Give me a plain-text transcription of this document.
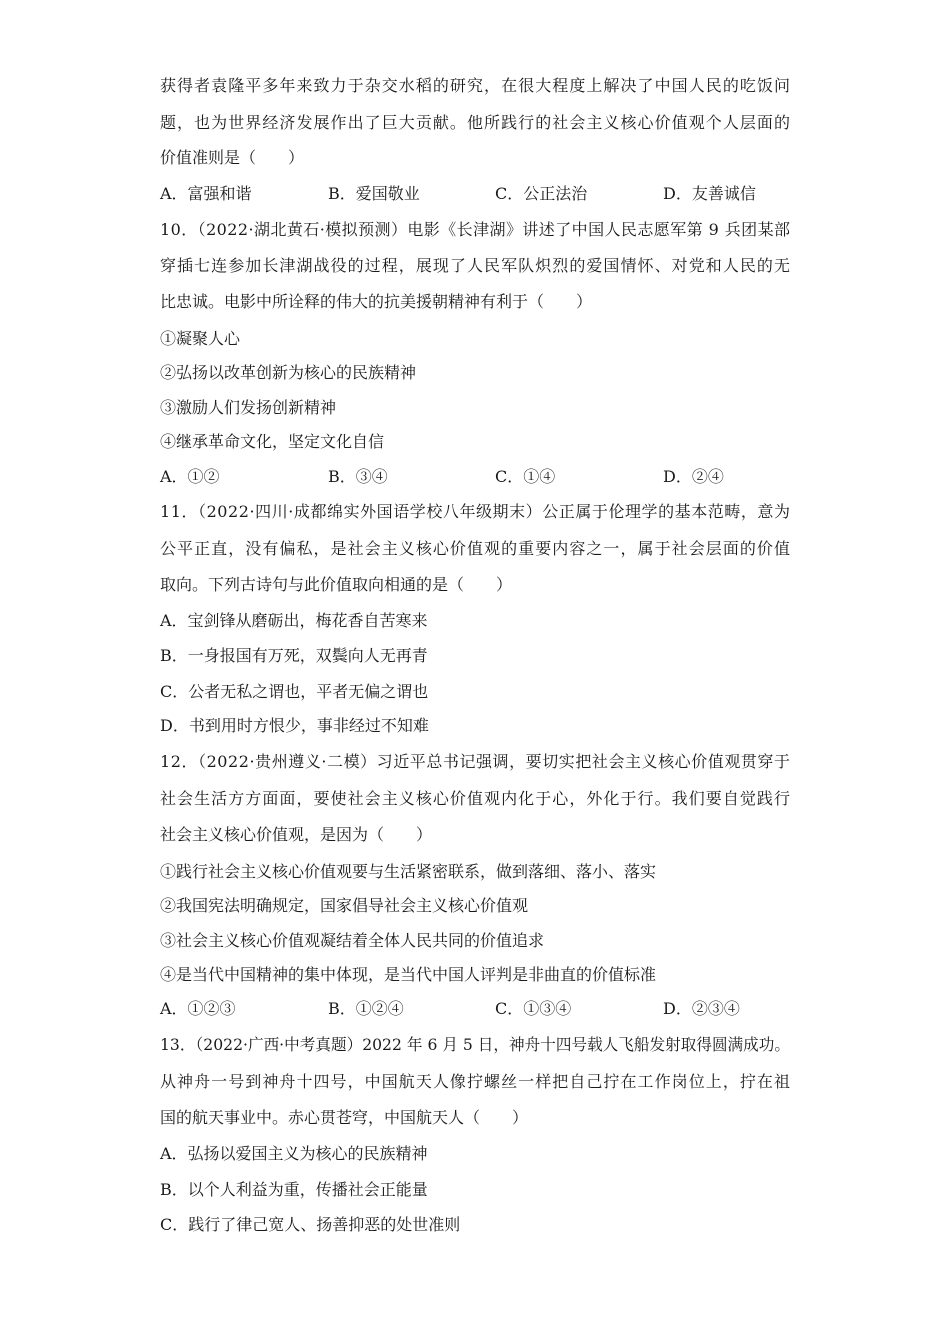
获得者袁隆平多年来致力于杂交水稻的研究，在很大程度上解决了中国人民的吃饭问
题，也为世界经济发展作出了巨大贡献。他所践行的社会主义核心价值观个人层面的
价值准则是（　　）
A．富强和谐	B．爱国敬业	C．公正法治	D．友善诚信
10．（2022·湖北黄石·模拟预测）电影《长津湖》讲述了中国人民志愿军第 9 兵团某部
穿插七连参加长津湖战役的过程，展现了人民军队炽烈的爱国情怀、对党和人民的无
比忠诚。电影中所诠释的伟大的抗美援朝精神有利于（　　）
①凝聚人心
②弘扬以改革创新为核心的民族精神
③激励人们发扬创新精神
④继承革命文化，坚定文化自信
A．①②	B．③④	C．①④	D．②④
11．（2022·四川·成都绵实外国语学校八年级期末）公正属于伦理学的基本范畴，意为
公平正直，没有偏私，是社会主义核心价值观的重要内容之一，属于社会层面的价值
取向。下列古诗句与此价值取向相通的是（　　）
A．宝剑锋从磨砺出，梅花香自苦寒来
B．一身报国有万死，双鬓向人无再青
C．公者无私之谓也，平者无偏之谓也
D．书到用时方恨少，事非经过不知难
12．（2022·贵州遵义·二模）习近平总书记强调，要切实把社会主义核心价值观贯穿于
社会生活方方面面，要使社会主义核心价值观内化于心，外化于行。我们要自觉践行
社会主义核心价值观，是因为（　　）
①践行社会主义核心价值观要与生活紧密联系，做到落细、落小、落实
②我国宪法明确规定，国家倡导社会主义核心价值观
③社会主义核心价值观凝结着全体人民共同的价值追求
④是当代中国精神的集中体现，是当代中国人评判是非曲直的价值标准
A．①②③	B．①②④	C．①③④	D．②③④
13．（2022·广西·中考真题）2022 年 6 月 5 日，神舟十四号载人飞船发射取得圆满成功。
从神舟一号到神舟十四号，中国航天人像拧螺丝一样把自己拧在工作岗位上，拧在祖
国的航天事业中。赤心贯苍穹，中国航天人（　　）
A．弘扬以爱国主义为核心的民族精神
B．以个人利益为重，传播社会正能量
C．践行了律己宽人、扬善抑恶的处世准则
